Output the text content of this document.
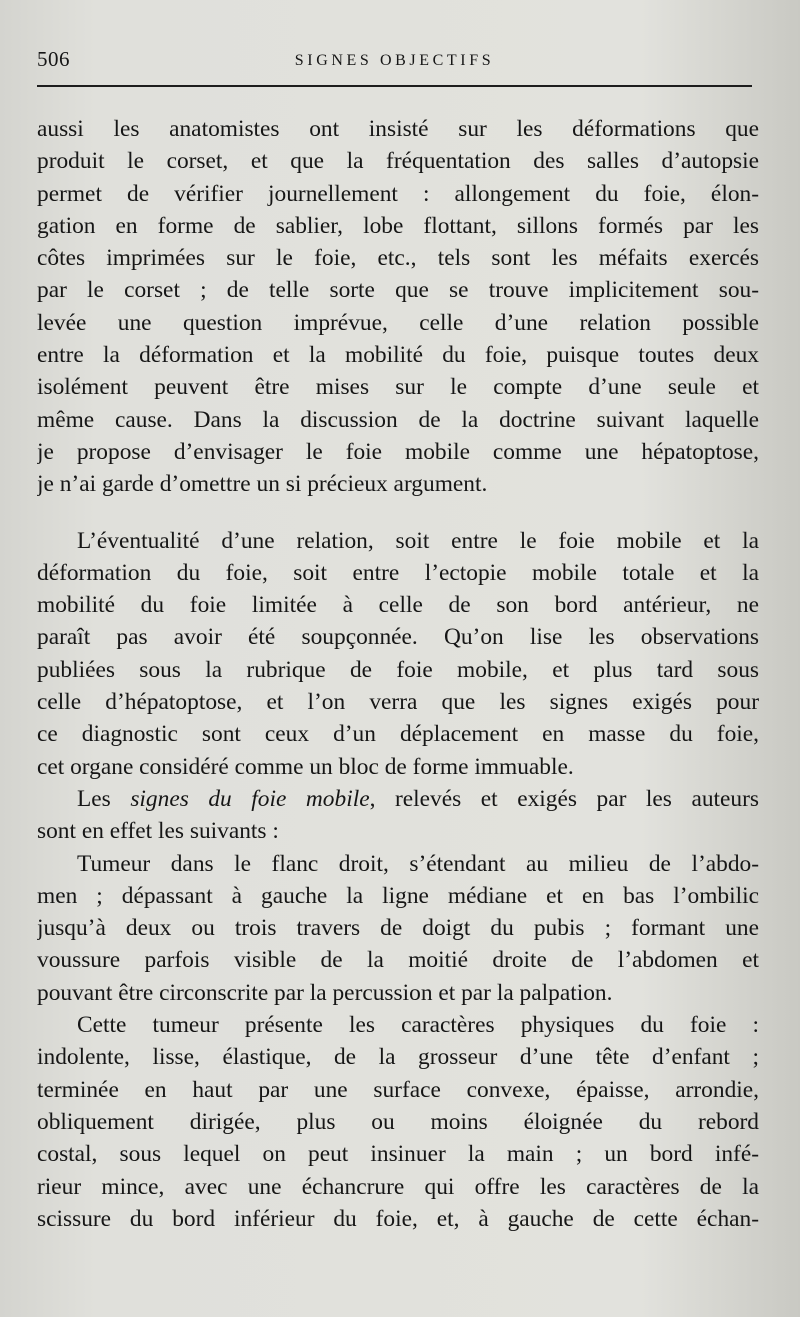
506	SIGNES OBJECTIFS
aussi les anatomistes ont insisté sur les déformations que
produit le corset, et que la fréquentation des salles d’autopsie
permet de vérifier journellement : allongement du foie, élon-
gation en forme de sablier, lobe flottant, sillons formés par les
côtes imprimées sur le foie, etc., tels sont les méfaits exercés
par le corset ; de telle sorte que se trouve implicitement sou-
levée une question imprévue, celle d’une relation possible
entre la déformation et la mobilité du foie, puisque toutes deux
isolément peuvent être mises sur le compte d’une seule et
même cause. Dans la discussion de la doctrine suivant laquelle
je propose d’envisager le foie mobile comme une hépatoptose,
je n’ai garde d’omettre un si précieux argument.
L’éventualité d’une relation, soit entre le foie mobile et la
déformation du foie, soit entre l’ectopie mobile totale et la
mobilité du foie limitée à celle de son bord antérieur, ne
paraît pas avoir été soupçonnée. Qu’on lise les observations
publiées sous la rubrique de foie mobile, et plus tard sous
celle d’hépatoptose, et l’on verra que les signes exigés pour
ce diagnostic sont ceux d’un déplacement en masse du foie,
cet organe considéré comme un bloc de forme immuable.
Les signes du foie mobile, relevés et exigés par les auteurs
sont en effet les suivants :
Tumeur dans le flanc droit, s’étendant au milieu de l’abdo-
men ; dépassant à gauche la ligne médiane et en bas l’ombilic
jusqu’à deux ou trois travers de doigt du pubis ; formant une
voussure parfois visible de la moitié droite de l’abdomen et
pouvant être circonscrite par la percussion et par la palpation.
Cette tumeur présente les caractères physiques du foie :
indolente, lisse, élastique, de la grosseur d’une tête d’enfant ;
terminée en haut par une surface convexe, épaisse, arrondie,
obliquement dirigée, plus ou moins éloignée du rebord
costal, sous lequel on peut insinuer la main ; un bord infé-
rieur mince, avec une échancrure qui offre les caractères de la
scissure du bord inférieur du foie, et, à gauche de cette échan-
